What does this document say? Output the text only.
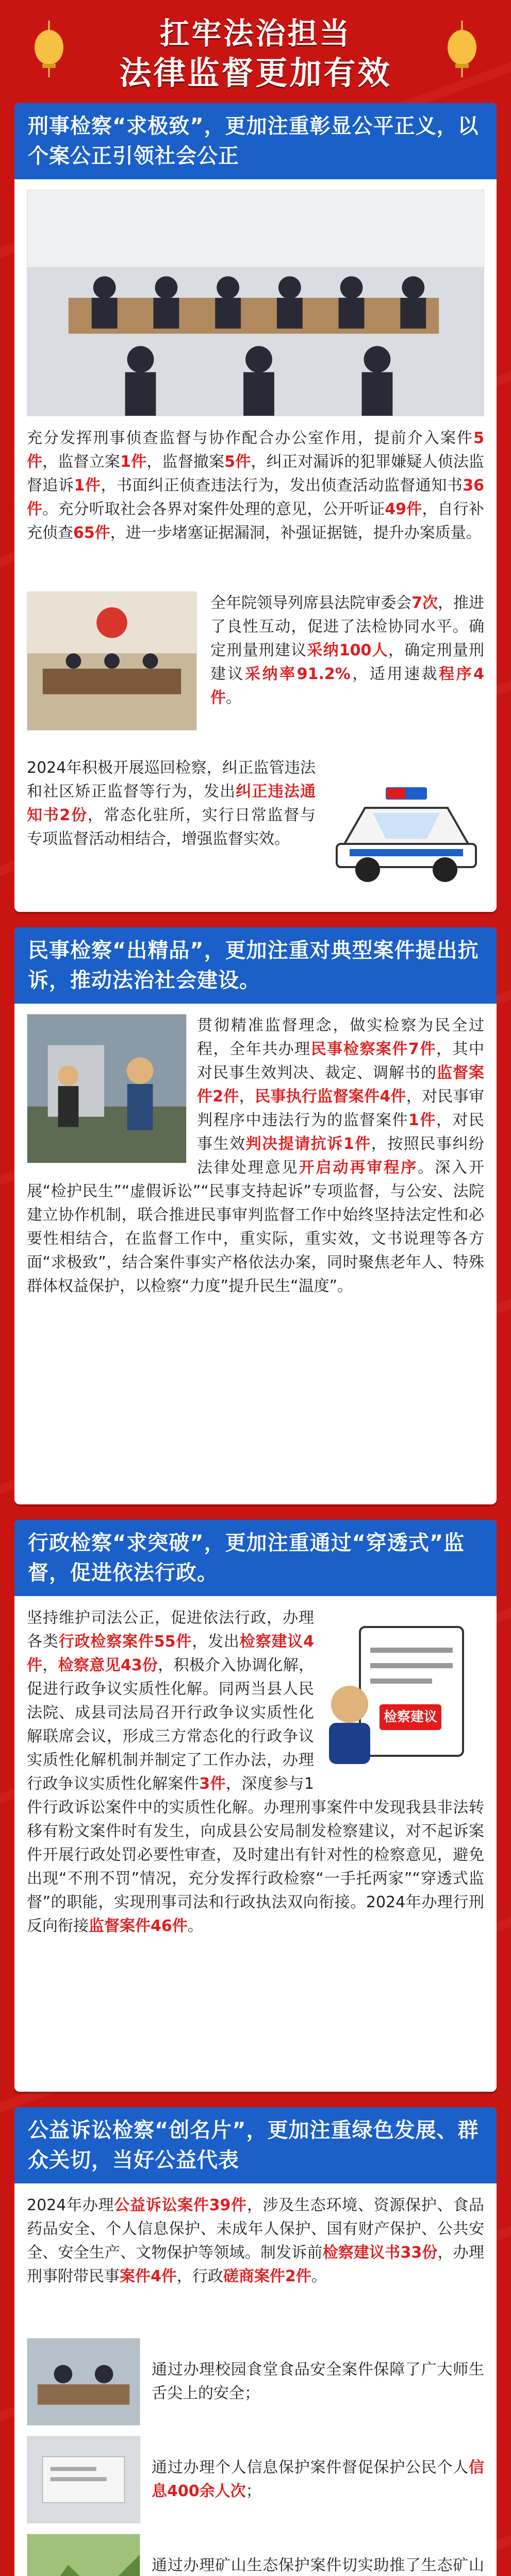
扛牢法治担当
法律监督更加有效
刑事检察“求极致”，更加注重彰显公平正义，以个案公正引领社会公正
充分发挥刑事侦查监督与协作配合办公室作用，提前介入案件5件，监督立案1件，监督撤案5件，纠正对漏诉的犯罪嫌疑人侦法监督追诉1件，书面纠正侦查违法行为，发出侦查活动监督通知书36件。充分听取社会各界对案件处理的意见，公开听证49件，自行补充侦查65件，进一步堵塞证据漏洞，补强证据链，提升办案质量。
全年院领导列席县法院审委会7次，推进了良性互动，促进了法检协同水平。确定刑量刑建议采纳100人，确定刑量刑建议采纳率91.2%，适用速裁程序4件。
2024年积极开展巡回检察，纠正监管违法和社区矫正监督等行为，发出纠正违法通知书2份，常态化驻所，实行日常监督与专项监督活动相结合，增强监督实效。
民事检察“出精品”，更加注重对典型案件提出抗诉，推动法治社会建设。
贯彻精准监督理念，做实检察为民全过程，全年共办理民事检察案件7件，其中对民事生效判决、裁定、调解书的监督案件2件，民事执行监督案件4件，对民事审判程序中违法行为的监督案件1件，对民事生效判决提请抗诉1件，按照民事纠纷法律处理意见开启动再审程序。深入开展“检护民生”“虚假诉讼”“民事支持起诉”专项监督，与公安、法院建立协作机制，联合推进民事审判监督工作中始终坚持法定性和必要性相结合，在监督工作中，重实际，重实效，文书说理等各方面“求极致”，结合案件事实产格依法办案，同时聚焦老年人、特殊群体权益保护，以检察“力度”提升民生“温度”。
行政检察“求突破”，更加注重通过“穿透式”监督，促进依法行政。
检察建议
坚持维护司法公正，促进依法行政，办理各类行政检察案件55件，发出检察建议4件，检察意见43份，积极介入协调化解，促进行政争议实质性化解。同两当县人民法院、成县司法局召开行政争议实质性化解联席会议，形成三方常态化的行政争议实质性化解机制并制定了工作办法，办理行政争议实质性化解案件3件，深度参与1件行政诉讼案件中的实质性化解。办理刑事案件中发现我县非法转移有粉文案件时有发生，向成县公安局制发检察建议，对不起诉案件开展行政处罚必要性审查，及时建出有针对性的检察意见，避免出现“不刑不罚”情况，充分发挥行政检察“一手托两家”“穿透式监督”的职能，实现刑事司法和行政执法双向衔接。2024年办理行刑反向衔接监督案件46件。
公益诉讼检察“创名片”，更加注重绿色发展、群众关切，当好公益代表
2024年办理公益诉讼案件39件，涉及生态环境、资源保护、食品药品安全、个人信息保护、未成年人保护、国有财产保护、公共安全、安全生产、文物保护等领域。制发诉前检察建议书33份，办理刑事附带民事案件4件，行政磋商案件2件。
通过办理校园食堂食品安全案件保障了广大师生舌尖上的安全；
通过办理个人信息保护案件督促保护公民个人信息400余人次；
通过办理矿山生态保护案件切实助推了生态矿山
